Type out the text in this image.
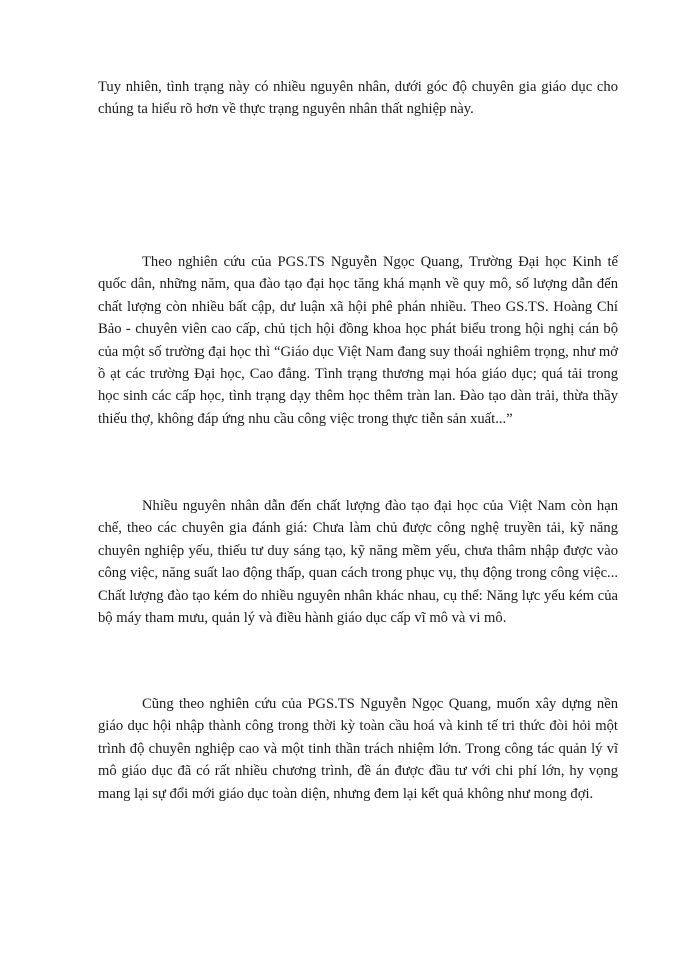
Tuy nhiên, tình trạng này có nhiều nguyên nhân, dưới góc độ chuyên gia giáo dục cho chúng ta hiểu rõ hơn về thực trạng nguyên nhân thất nghiệp này.

Theo nghiên cứu của PGS.TS Nguyễn Ngọc Quang, Trường Đại học Kinh tế quốc dân, những năm, qua đào tạo đại học tăng khá mạnh về quy mô, số lượng dẫn đến chất lượng còn nhiều bất cập, dư luận xã hội phê phán nhiều. Theo GS.TS. Hoàng Chí Bảo - chuyên viên cao cấp, chủ tịch hội đồng khoa học phát biểu trong hội nghị cán bộ của một số trường đại học thì “Giáo dục Việt Nam đang suy thoái nghiêm trọng, như mở ồ ạt các trường Đại học, Cao đẳng. Tình trạng thương mại hóa giáo dục; quá tải trong học sinh các cấp học, tình trạng dạy thêm học thêm tràn lan. Đào tạo dàn trải, thừa thầy thiếu thợ, không đáp ứng nhu cầu công việc trong thực tiễn sản xuất...”

Nhiều nguyên nhân dẫn đến chất lượng đào tạo đại học của Việt Nam còn hạn chế, theo các chuyên gia đánh giá: Chưa làm chủ được công nghệ truyền tải, kỹ năng chuyên nghiệp yếu, thiếu tư duy sáng tạo, kỹ năng mềm yếu, chưa thâm nhập được vào công việc, năng suất lao động thấp, quan cách trong phục vụ, thụ động trong công việc... Chất lượng đào tạo kém do nhiều nguyên nhân khác nhau, cụ thể: Năng lực yếu kém của bộ máy tham mưu, quản lý và điều hành giáo dục cấp vĩ mô và vi mô.

Cũng theo nghiên cứu của PGS.TS Nguyễn Ngọc Quang, muốn xây dựng nền giáo dục hội nhập thành công trong thời kỳ toàn cầu hoá và kinh tế tri thức đòi hỏi một trình độ chuyên nghiệp cao và một tinh thần trách nhiệm lớn. Trong công tác quản lý vĩ mô giáo dục đã có rất nhiều chương trình, đề án được đầu tư với chi phí lớn, hy vọng mang lại sự đổi mới giáo dục toàn diện, nhưng đem lại kết quả không như mong đợi.
